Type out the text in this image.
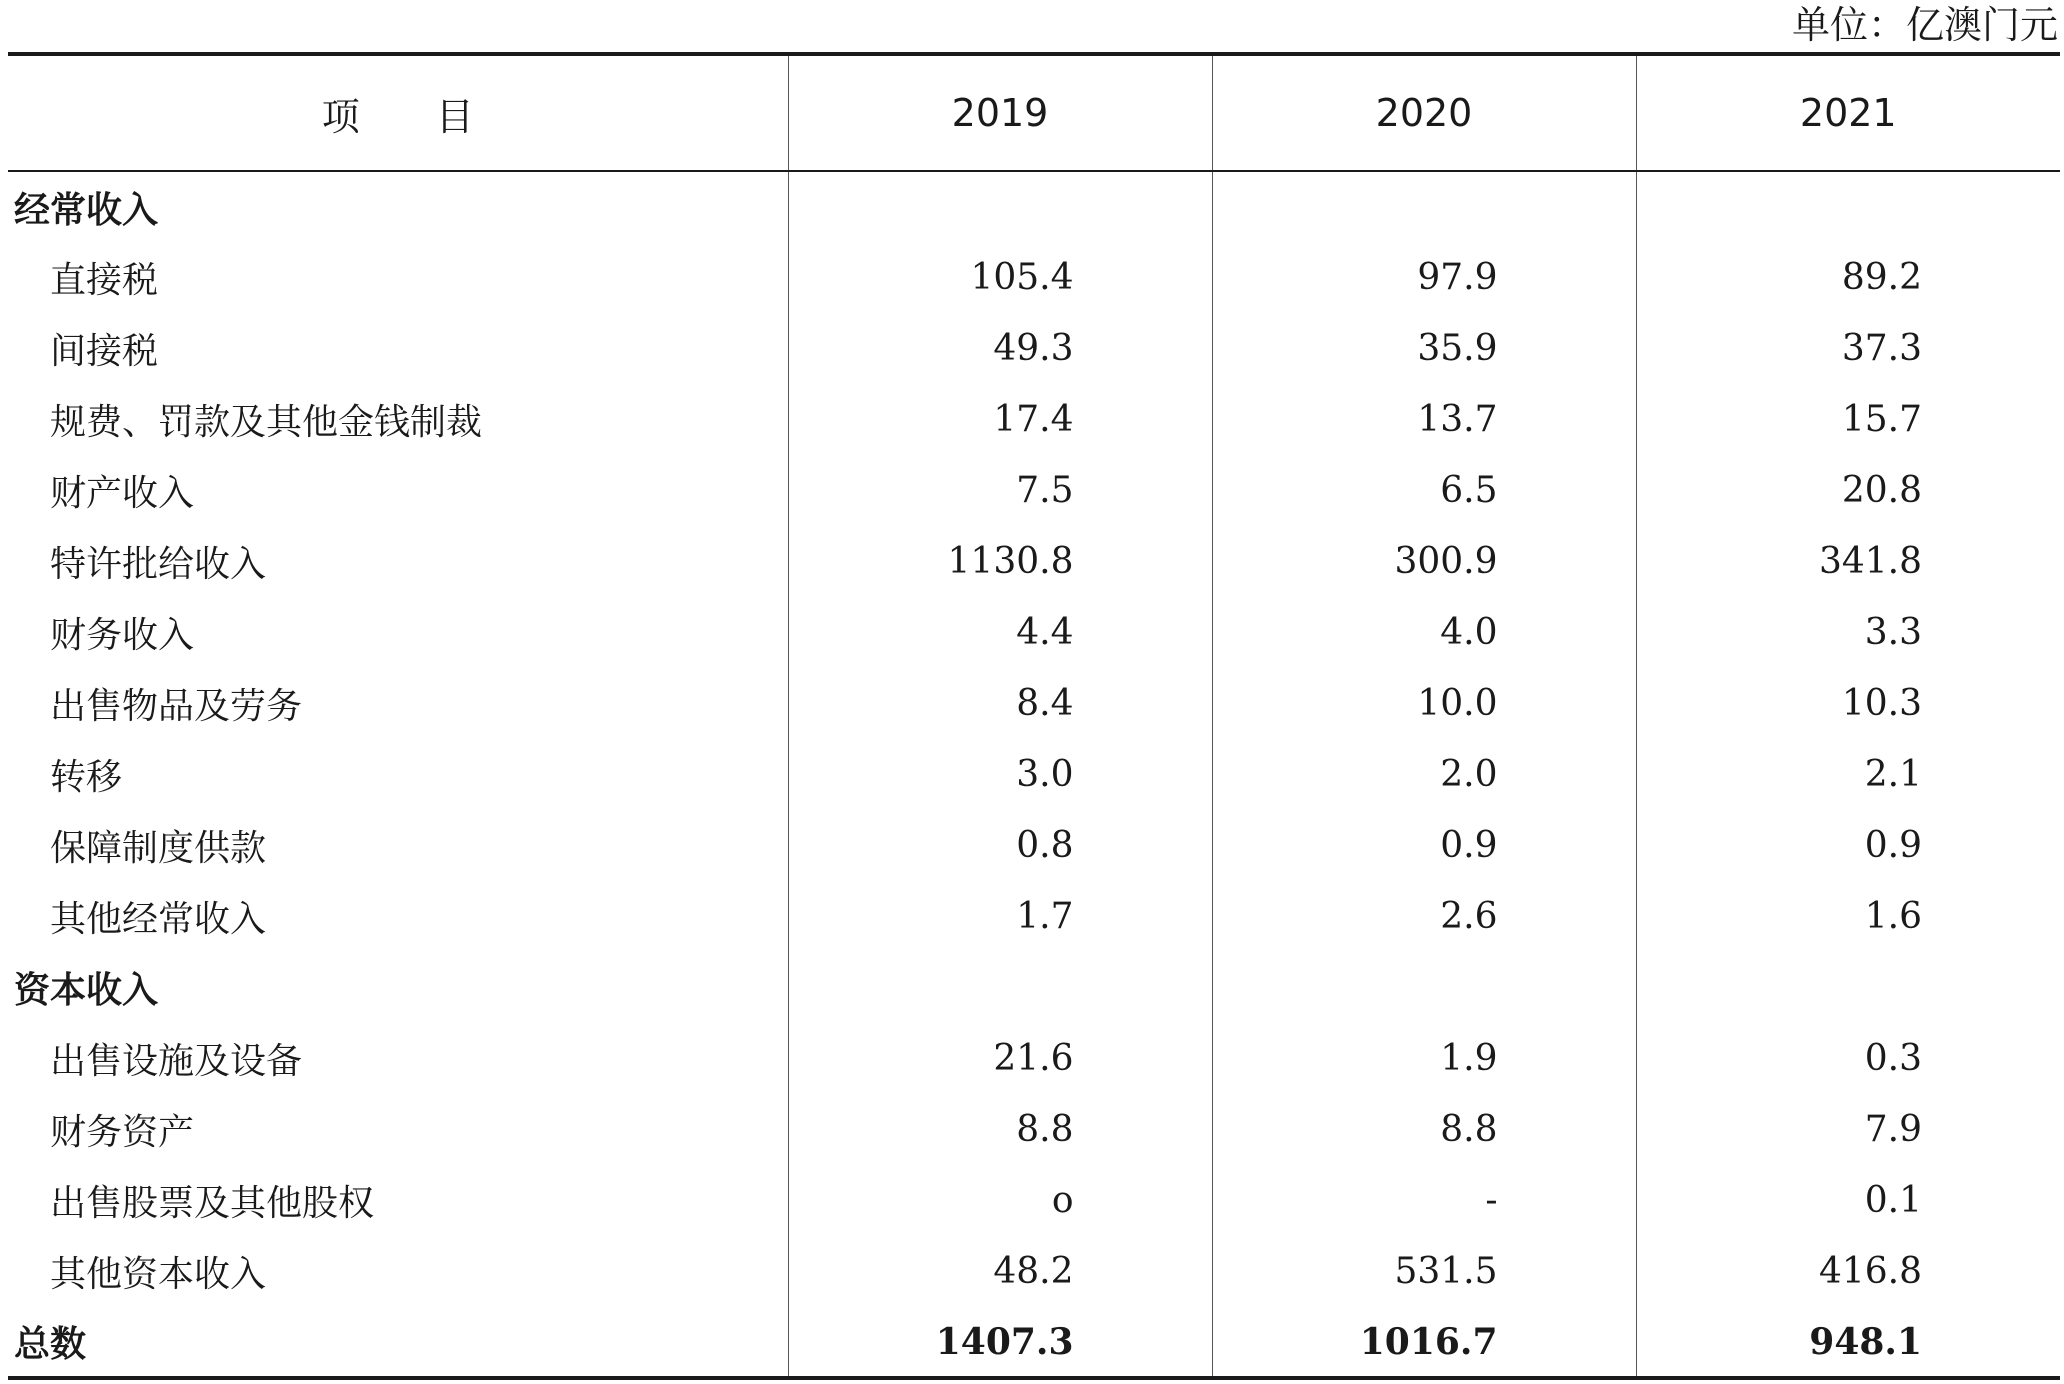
单位：亿澳门元
项　　目	2019	2020	2021
经常收入			
直接税	105.4	97.9	89.2
间接税	49.3	35.9	37.3
规费、罚款及其他金钱制裁	17.4	13.7	15.7
财产收入	7.5	6.5	20.8
特许批给收入	1130.8	300.9	341.8
财务收入	4.4	4.0	3.3
出售物品及劳务	8.4	10.0	10.3
转移	3.0	2.0	2.1
保障制度供款	0.8	0.9	0.9
其他经常收入	1.7	2.6	1.6
资本收入			
出售设施及设备	21.6	1.9	0.3
财务资产	8.8	8.8	7.9
出售股票及其他股权	o	-	0.1
其他资本收入	48.2	531.5	416.8
总数	1407.3	1016.7	948.1
